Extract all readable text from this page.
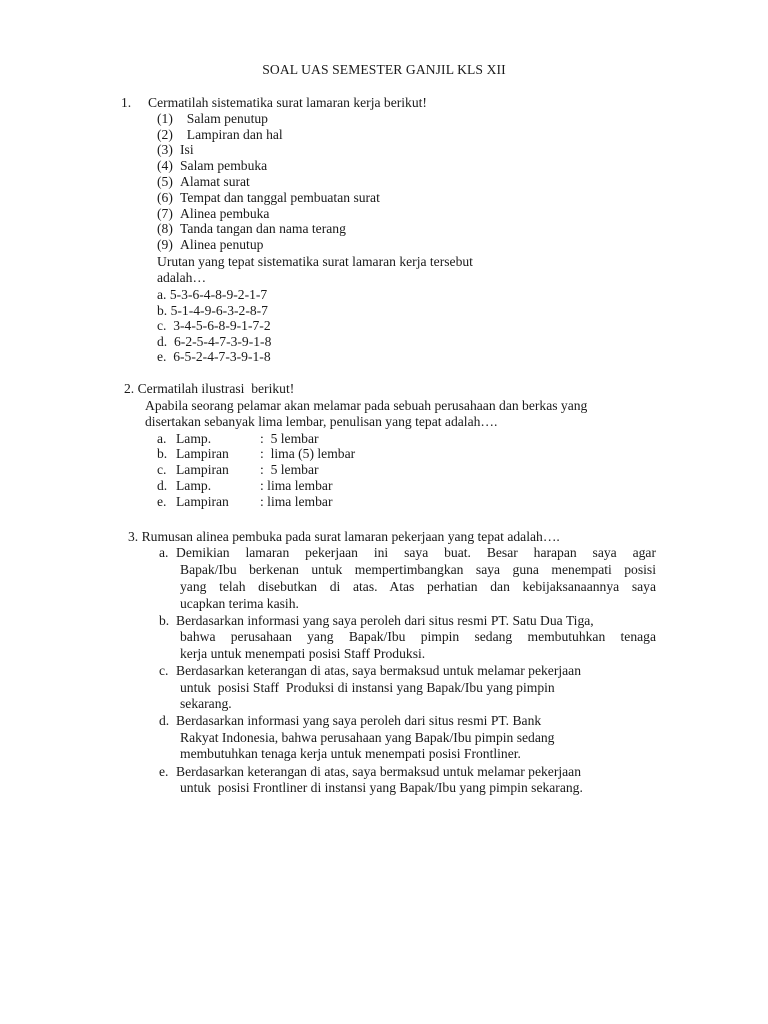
SOAL UAS SEMESTER GANJIL KLS XII
1. Cermatilah sistematika surat lamaran kerja berikut!
(1)  Salam penutup
(2)  Lampiran dan hal
(3) Isi
(4) Salam pembuka
(5) Alamat surat
(6) Tempat dan tanggal pembuatan surat
(7) Alinea pembuka
(8) Tanda tangan dan nama terang
(9) Alinea penutup
Urutan yang tepat sistematika surat lamaran kerja tersebut
adalah…
a. 5-3-6-4-8-9-2-1-7
b. 5-1-4-9-6-3-2-8-7
c.  3-4-5-6-8-9-1-7-2
d.  6-2-5-4-7-3-9-1-8
e.  6-5-2-4-7-3-9-1-8
2. Cermatilah ilustrasi  berikut!
Apabila seorang pelamar akan melamar pada sebuah perusahaan dan berkas yang
disertakan sebanyak lima lembar, penulisan yang tepat adalah….
a. Lamp.	:  5 lembar
b. Lampiran :  lima (5) lembar
c. Lampiran :  5 lembar
d. Lamp.	: lima lembar
e. Lampiran : lima lembar
3. Rumusan alinea pembuka pada surat lamaran pekerjaan yang tepat adalah….
a. Demikian lamaran pekerjaan ini saya buat. Besar harapan saya agar
Bapak/Ibu berkenan untuk mempertimbangkan saya guna menempati posisi
yang telah disebutkan di atas. Atas perhatian dan kebijaksanaannya saya
ucapkan terima kasih.
b. Berdasarkan informasi yang saya peroleh dari situs resmi PT. Satu Dua Tiga,
bahwa perusahaan yang Bapak/Ibu pimpin sedang membutuhkan tenaga
kerja untuk menempati posisi Staff Produksi.
c. Berdasarkan keterangan di atas, saya bermaksud untuk melamar pekerjaan
untuk  posisi Staff  Produksi di instansi yang Bapak/Ibu yang pimpin
sekarang.
d. Berdasarkan informasi yang saya peroleh dari situs resmi PT. Bank
Rakyat Indonesia, bahwa perusahaan yang Bapak/Ibu pimpin sedang
membutuhkan tenaga kerja untuk menempati posisi Frontliner.
e. Berdasarkan keterangan di atas, saya bermaksud untuk melamar pekerjaan
untuk  posisi Frontliner di instansi yang Bapak/Ibu yang pimpin sekarang.
